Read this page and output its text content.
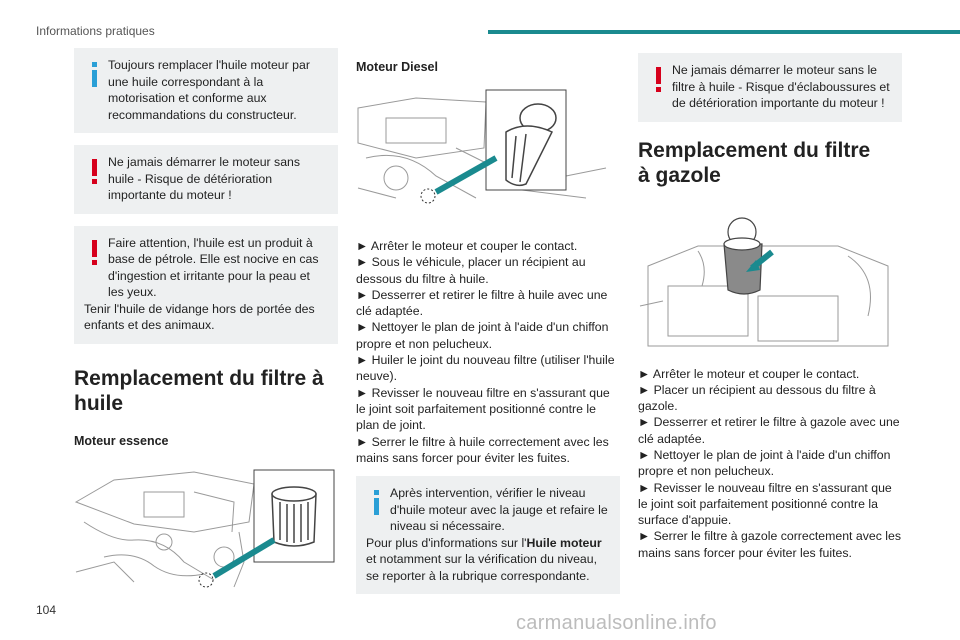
Informations pratiques
Toujours remplacer l'huile moteur par une huile correspondant à la motorisation et conforme aux recommandations du constructeur.
Ne jamais démarrer le moteur sans huile - Risque de détérioration importante du moteur !
Faire attention, l'huile est un produit à base de pétrole. Elle est nocive en cas d'ingestion et irritante pour la peau et les yeux.
Tenir l'huile de vidange hors de portée des enfants et des animaux.
Remplacement du filtre à huile
Moteur essence
Moteur Diesel

► Arrêter le moteur et couper le contact.

► Sous le véhicule, placer un récipient au dessous du filtre à huile.

► Desserrer et retirer le filtre à huile avec une clé adaptée.

► Nettoyer le plan de joint à l'aide d'un chiffon propre et non pelucheux.

► Huiler le joint du nouveau filtre (utiliser l'huile neuve).

► Revisser le nouveau filtre en s'assurant que le joint soit parfaitement positionné contre le plan de joint.

► Serrer le filtre à huile correctement avec les mains sans forcer pour éviter les fuites.

Après intervention, vérifier le niveau d'huile moteur avec la jauge et refaire le niveau si nécessaire.
Pour plus d'informations sur l'Huile moteur et notamment sur la vérification du niveau, se reporter à la rubrique correspondante.
Ne jamais démarrer le moteur sans le filtre à huile - Risque d'éclaboussures et de détérioration importante du moteur !
Remplacement du filtre à gazole

► Arrêter le moteur et couper le contact.

► Placer un récipient au dessous du filtre à gazole.

► Desserrer et retirer le filtre à gazole avec une clé adaptée.

► Nettoyer le plan de joint à l'aide d'un chiffon propre et non pelucheux.

► Revisser le nouveau filtre en s'assurant que le joint soit parfaitement positionné contre la surface d'appuie.

► Serrer le filtre à gazole correctement avec les mains sans forcer pour éviter les fuites.

104
carmanualsonline.info
